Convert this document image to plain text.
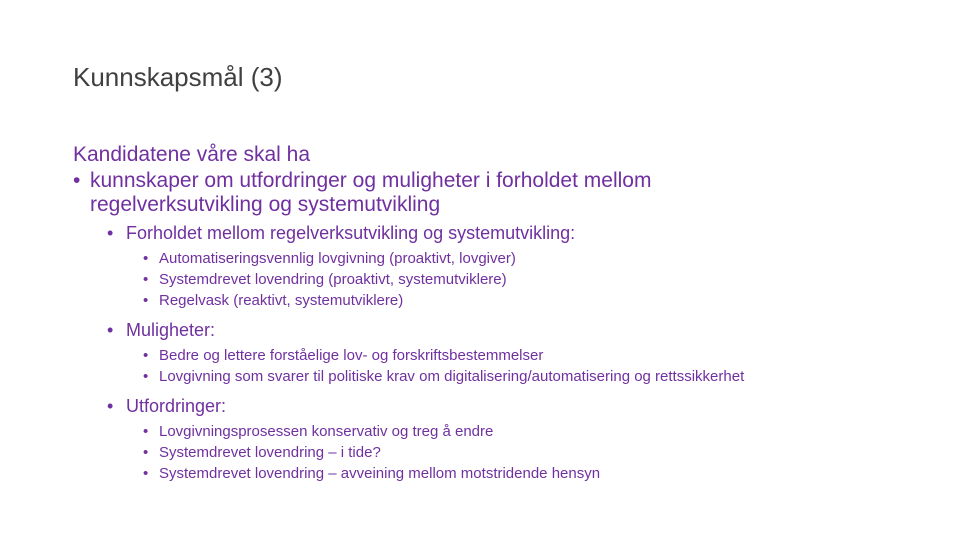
Kunnskapsmål (3)

Kandidatene våre skal ha

• kunnskaper om utfordringer og muligheter i forholdet mellom
regelverksutvikling og systemutvikling
• Forholdet mellom regelverksutvikling og systemutvikling:
• Automatiseringsvennlig lovgivning (proaktivt, lovgiver)
• Systemdrevet lovendring (proaktivt, systemutviklere)
• Regelvask (reaktivt, systemutviklere)
• Muligheter:
• Bedre og lettere forståelige lov- og forskriftsbestemmelser
• Lovgivning som svarer til politiske krav om digitalisering/automatisering og rettssikkerhet
• Utfordringer:
• Lovgivningsprosessen konservativ og treg å endre
• Systemdrevet lovendring – i tide?
• Systemdrevet lovendring – avveining mellom motstridende hensyn
